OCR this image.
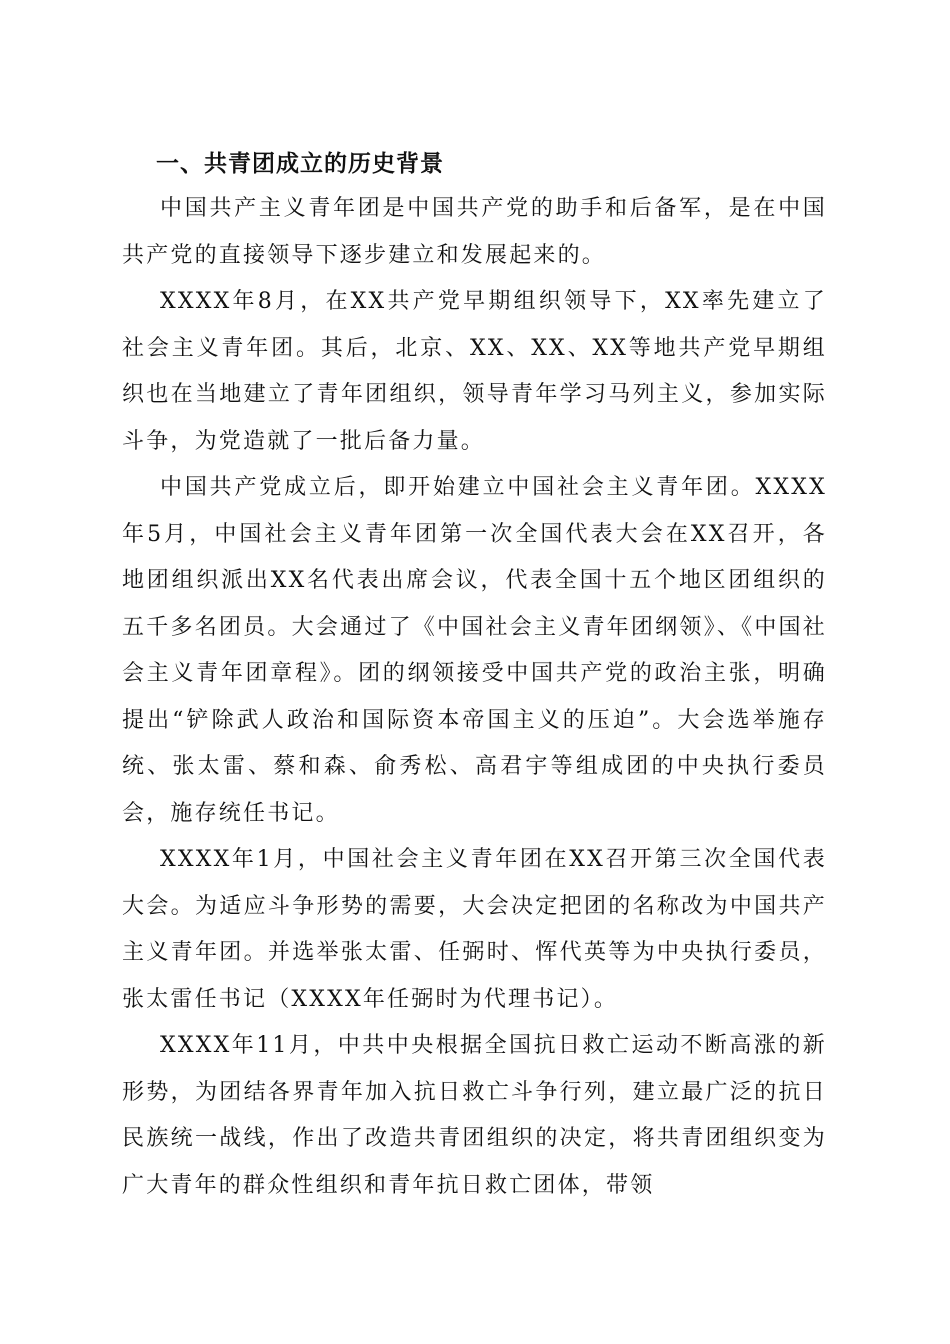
一、共青团成立的历史背景

中国共产主义青年团是中国共产党的助手和后备军，是在中国共产党的直接领导下逐步建立和发展起来的。

XXXX年8月，在XX共产党早期组织领导下，XX率先建立了社会主义青年团。其后，北京、XX、XX、XX等地共产党早期组织也在当地建立了青年团组织，领导青年学习马列主义，参加实际斗争，为党造就了一批后备力量。

中国共产党成立后，即开始建立中国社会主义青年团。XXXX年5月，中国社会主义青年团第一次全国代表大会在XX召开，各地团组织派出XX名代表出席会议，代表全国十五个地区团组织的五千多名团员。大会通过了《中国社会主义青年团纲领》、《中国社会主义青年团章程》。团的纲领接受中国共产党的政治主张，明确提出“铲除武人政治和国际资本帝国主义的压迫”。大会选举施存统、张太雷、蔡和森、俞秀松、高君宇等组成团的中央执行委员会，施存统任书记。

XXXX年1月，中国社会主义青年团在XX召开第三次全国代表大会。为适应斗争形势的需要，大会决定把团的名称改为中国共产主义青年团。并选举张太雷、任弼时、恽代英等为中央执行委员，张太雷任书记（XXXX年任弼时为代理书记）。

XXXX年11月，中共中央根据全国抗日救亡运动不断高涨的新形势，为团结各界青年加入抗日救亡斗争行列，建立最广泛的抗日民族统一战线，作出了改造共青团组织的决定，将共青团组织变为广大青年的群众性组织和青年抗日救亡团体，带领
